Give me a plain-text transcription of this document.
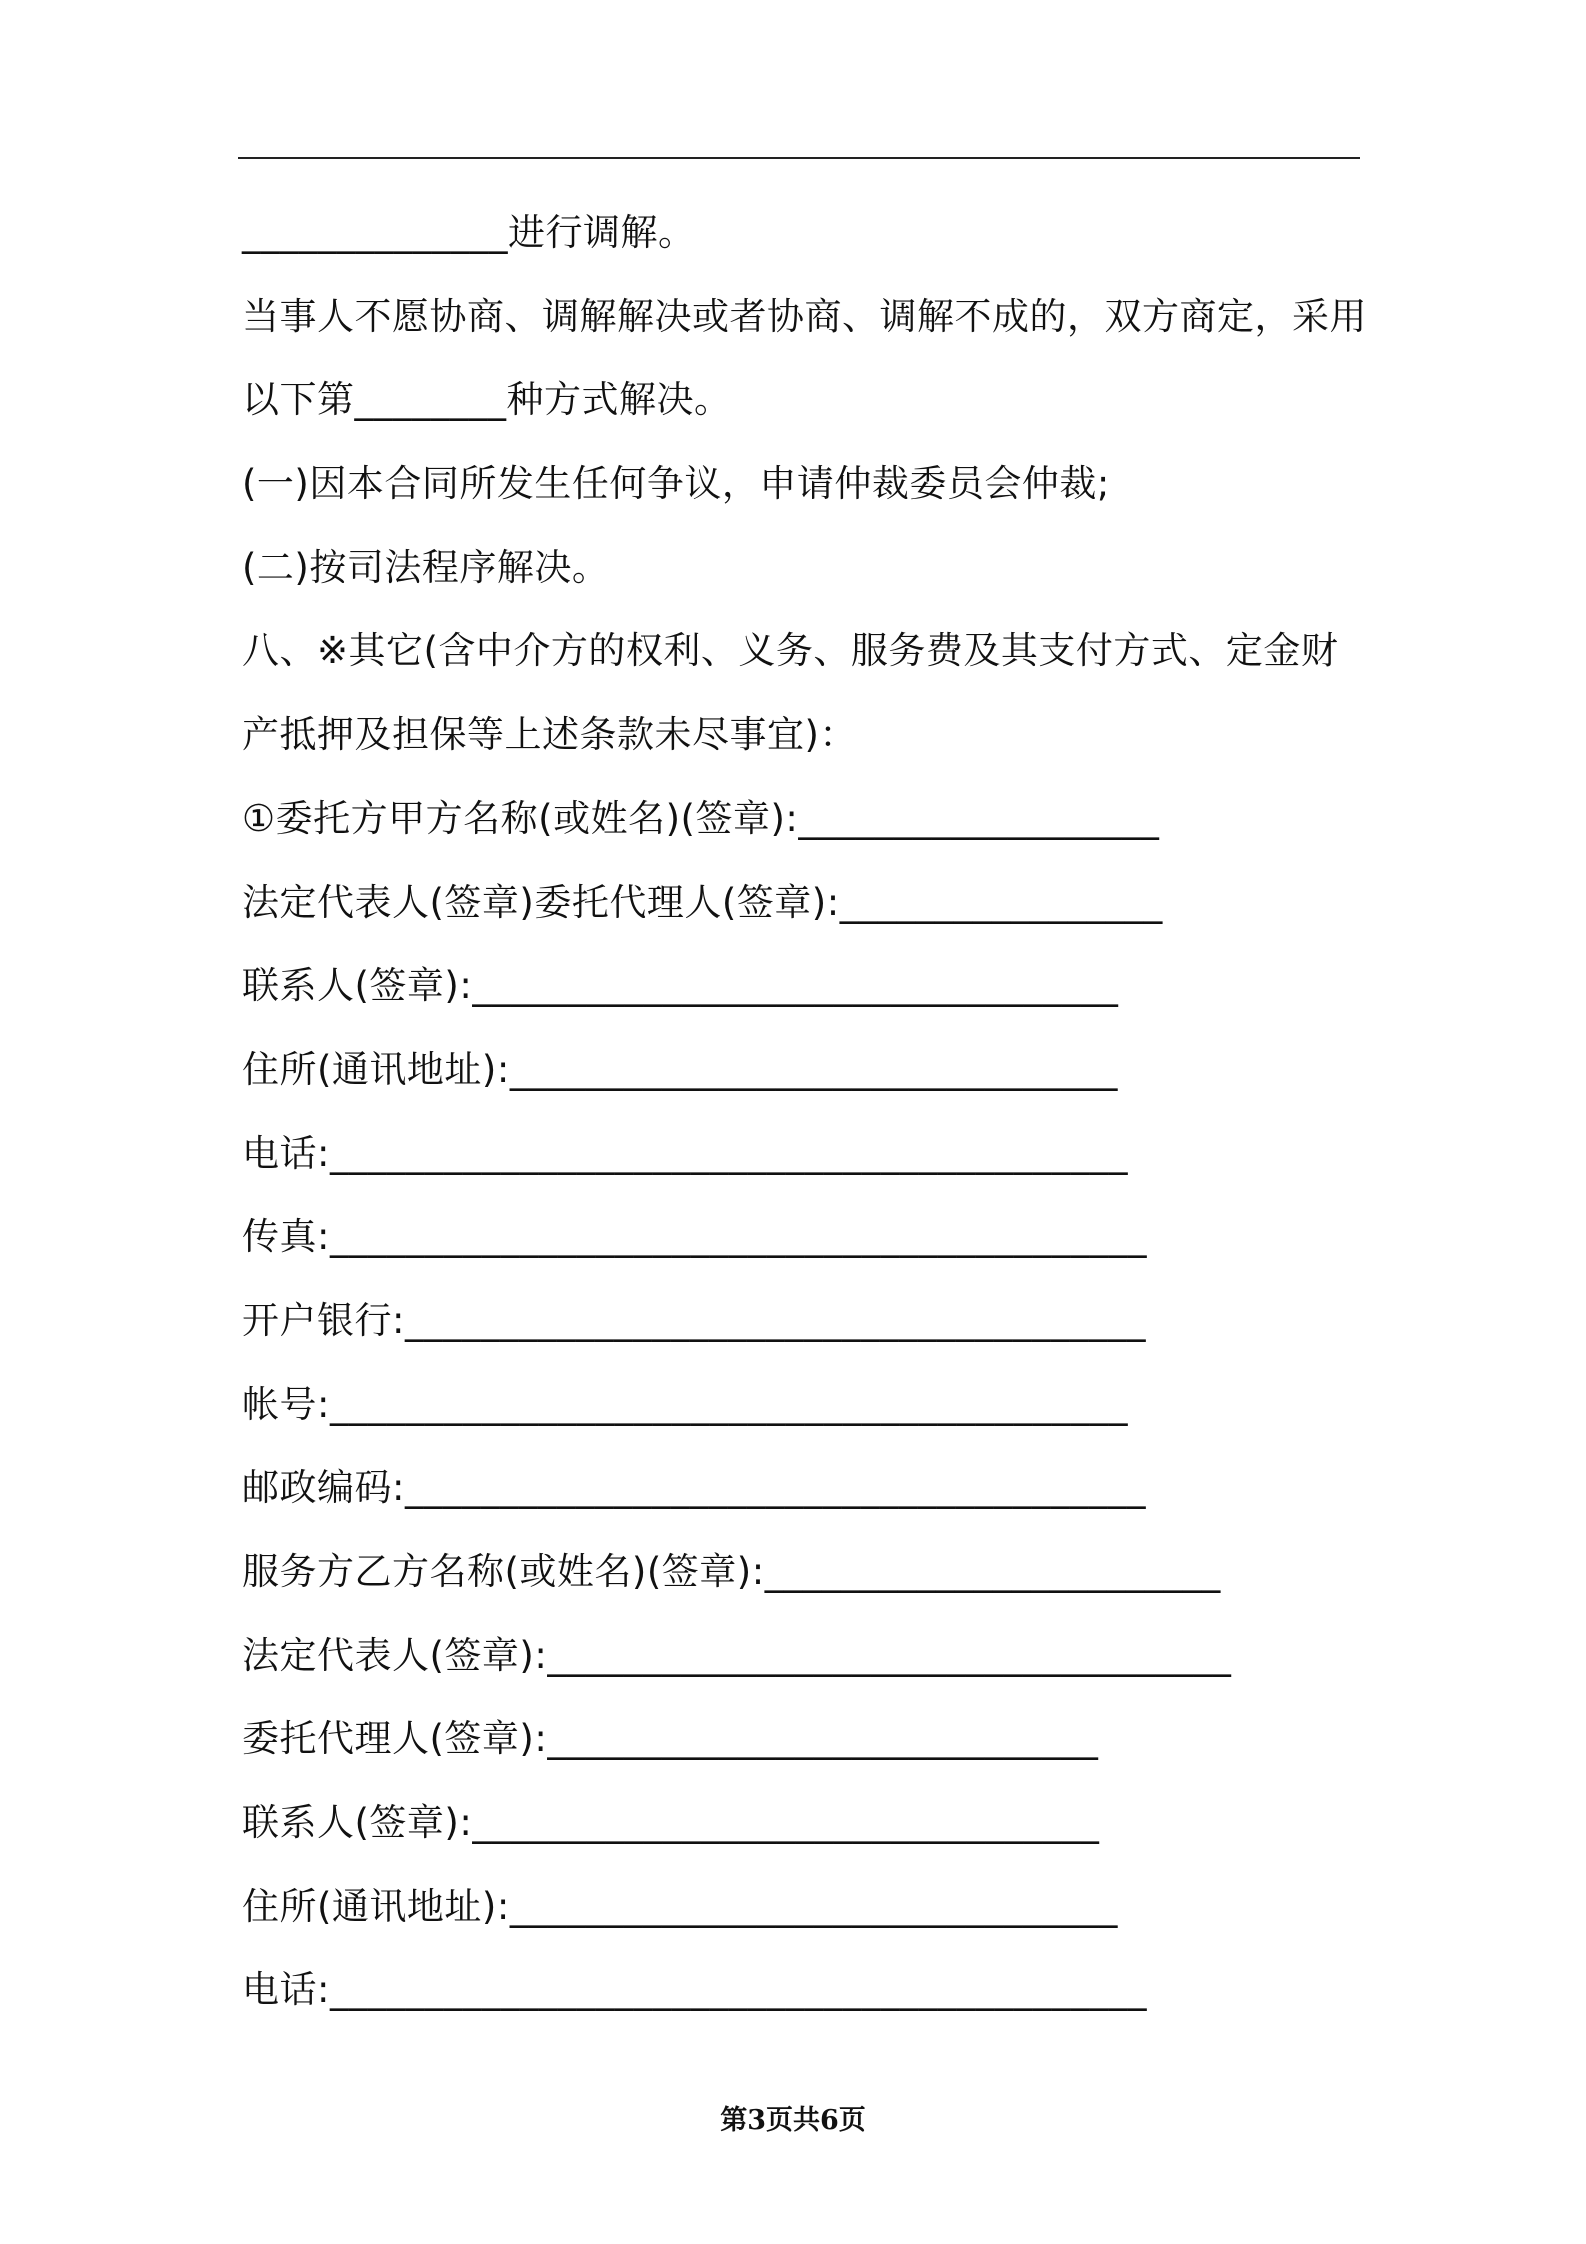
______________进行调解。
当事人不愿协商、调解解决或者协商、调解不成的，双方商定，采用
以下第________种方式解决。
(一)因本合同所发生任何争议，申请仲裁委员会仲裁;
(二)按司法程序解决。
八、※其它(含中介方的权利、义务、服务费及其支付方式、定金财
产抵押及担保等上述条款未尽事宜)：
①委托方甲方名称(或姓名)(签章):___________________
法定代表人(签章)委托代理人(签章):_________________
联系人(签章):__________________________________
住所(通讯地址):________________________________
电话:__________________________________________
传真:___________________________________________
开户银行:_______________________________________
帐号:__________________________________________
邮政编码:_______________________________________
服务方乙方名称(或姓名)(签章):________________________
法定代表人(签章):____________________________________
委托代理人(签章):_____________________________
联系人(签章):_________________________________
住所(通讯地址):________________________________
电话:___________________________________________
第3页共6页
